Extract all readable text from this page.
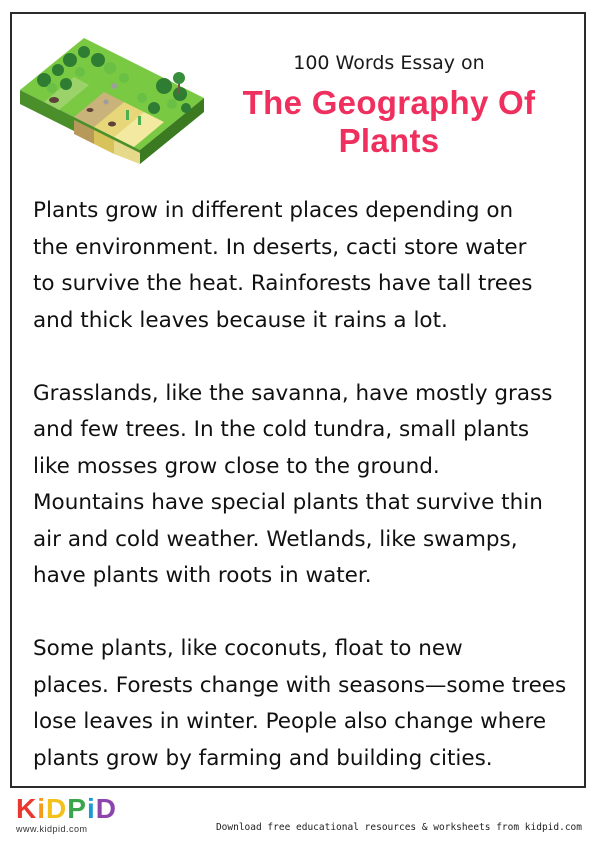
100 Words Essay on
The Geography Of
Plants

Plants grow in different places depending on
the environment. In deserts, cacti store water
to survive the heat. Rainforests have tall trees
and thick leaves because it rains a lot.

Grasslands, like the savanna, have mostly grass
and few trees. In the cold tundra, small plants
like mosses grow close to the ground.
Mountains have special plants that survive thin
air and cold weather. Wetlands, like swamps,
have plants with roots in water.

Some plants, like coconuts, float to new
places. Forests change with seasons—some trees
lose leaves in winter. People also change where
plants grow by farming and building cities.

KiDPiD
www.kidpid.com	Download free educational resources & worksheets from kidpid.com
